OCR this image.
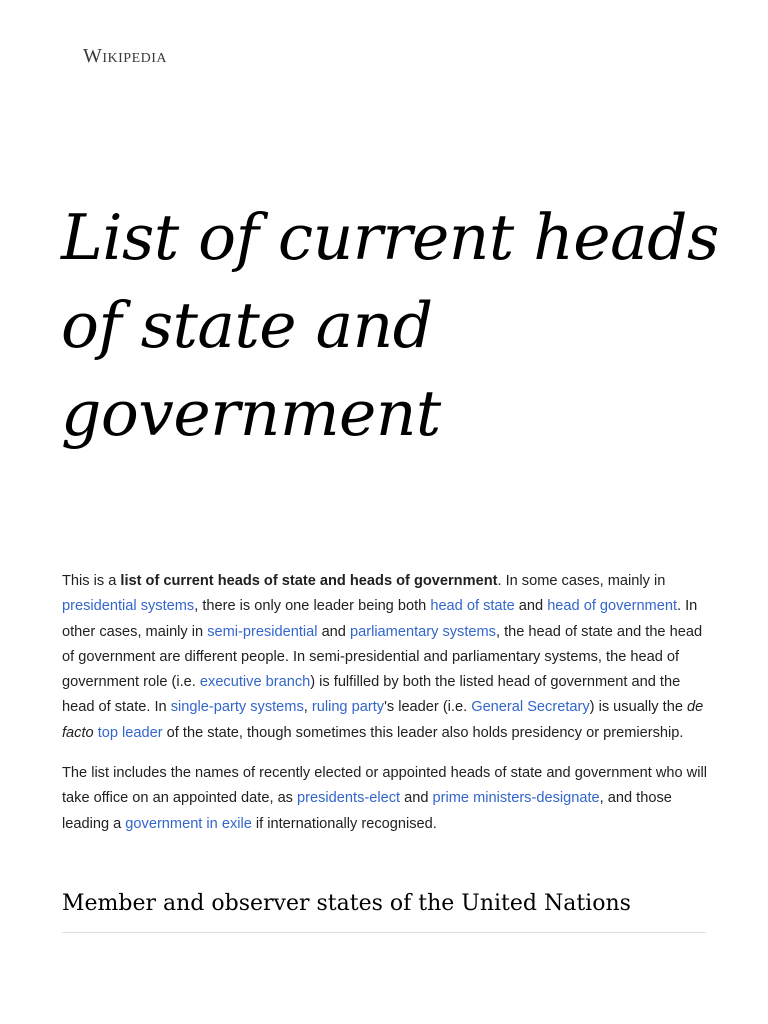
Wikipedia
List of current heads of state and government

This is a list of current heads of state and heads of government. In some cases, mainly in presidential systems, there is only one leader being both head of state and head of government. In other cases, mainly in semi-presidential and parliamentary systems, the head of state and the head of government are different people. In semi-presidential and parliamentary systems, the head of government role (i.e. executive branch) is fulfilled by both the listed head of government and the head of state. In single-party systems, ruling party's leader (i.e. General Secretary) is usually the de facto top leader of the state, though sometimes this leader also holds presidency or premiership.

The list includes the names of recently elected or appointed heads of state and government who will take office on an appointed date, as presidents-elect and prime ministers-designate, and those leading a government in exile if internationally recognised.

Member and observer states of the United Nations
